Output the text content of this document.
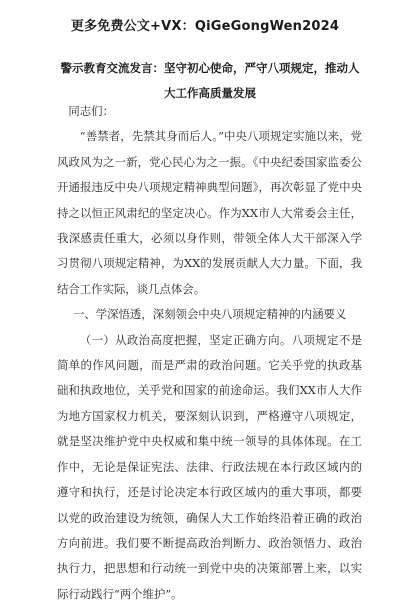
更多免费公文+VX：QiGeGongWen2024
警示教育交流发言：坚守初心使命，严守八项规定，推动人大工作高质量发展

同志们：

“善禁者，先禁其身而后人。”中央八项规定实施以来，党风政风为之一新，党心民心为之一振。《中央纪委国家监委公开通报违反中央八项规定精神典型问题》，再次彰显了党中央持之以恒正风肃纪的坚定决心。作为XX市人大常委会主任，我深感责任重大，必须以身作则，带领全体人大干部深入学习贯彻八项规定精神，为XX的发展贡献人大力量。下面，我结合工作实际，谈几点体会。

一、学深悟透，深刻领会中央八项规定精神的内涵要义

（一）从政治高度把握，坚定正确方向。八项规定不是简单的作风问题，而是严肃的政治问题。它关乎党的执政基础和执政地位，关乎党和国家的前途命运。我们XX市人大作为地方国家权力机关，要深刻认识到，严格遵守八项规定，就是坚决维护党中央权威和集中统一领导的具体体现。在工作中，无论是保证宪法、法律、行政法规在本行政区域内的遵守和执行，还是讨论决定本行政区域内的重大事项，都要以党的政治建设为统领，确保人大工作始终沿着正确的政治方向前进。我们要不断提高政治判断力、政治领悟力、政治执行力，把思想和行动统一到党中央的决策部署上来，以实际行动践行“两个维护”。
